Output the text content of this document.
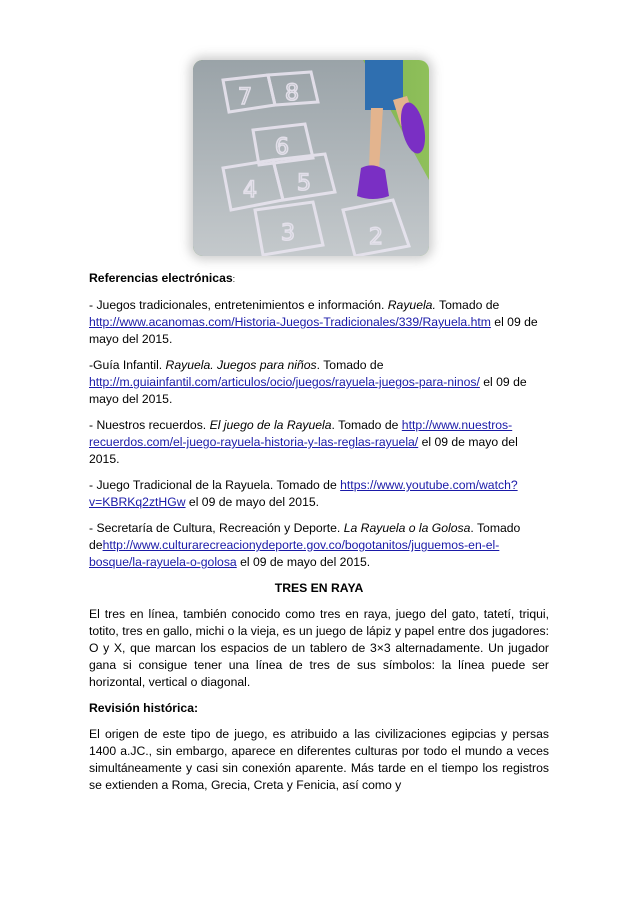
7 8
6
4 5
3	2

Referencias electrónicas:

- Juegos tradicionales, entretenimientos e información. Rayuela. Tomado de http://www.acanomas.com/Historia-Juegos-Tradicionales/339/Rayuela.htm el 09 de mayo del 2015.

-Guía Infantil. Rayuela. Juegos para niños. Tomado de http://m.guiainfantil.com/articulos/ocio/juegos/rayuela-juegos-para-ninos/ el 09 de mayo del 2015.

- Nuestros recuerdos. El juego de la Rayuela. Tomado de http://www.nuestros-recuerdos.com/el-juego-rayuela-historia-y-las-reglas-rayuela/ el 09 de mayo del 2015.

- Juego Tradicional de la Rayuela. Tomado de https://www.youtube.com/watch?v=KBRKq2ztHGw el 09 de mayo del 2015.

- Secretaría de Cultura, Recreación y Deporte. La Rayuela o la Golosa. Tomado dehttp://www.culturarecreacionydeporte.gov.co/bogotanitos/juguemos-en-el-bosque/la-rayuela-o-golosa el 09 de mayo del 2015.

TRES EN RAYA

El tres en línea, también conocido como tres en raya, juego del gato, tatetí, triqui, totito, tres en gallo, michi o la vieja, es un juego de lápiz y papel entre dos jugadores: O y X, que marcan los espacios de un tablero de 3×3 alternadamente. Un jugador gana si consigue tener una línea de tres de sus símbolos: la línea puede ser horizontal, vertical o diagonal.

Revisión histórica:

El origen de este tipo de juego, es atribuido a las civilizaciones egipcias y persas 1400 a.JC., sin embargo, aparece en diferentes culturas por todo el mundo a veces simultáneamente y casi sin conexión aparente. Más tarde en el tiempo los registros se extienden a Roma, Grecia, Creta y Fenicia, así como y
